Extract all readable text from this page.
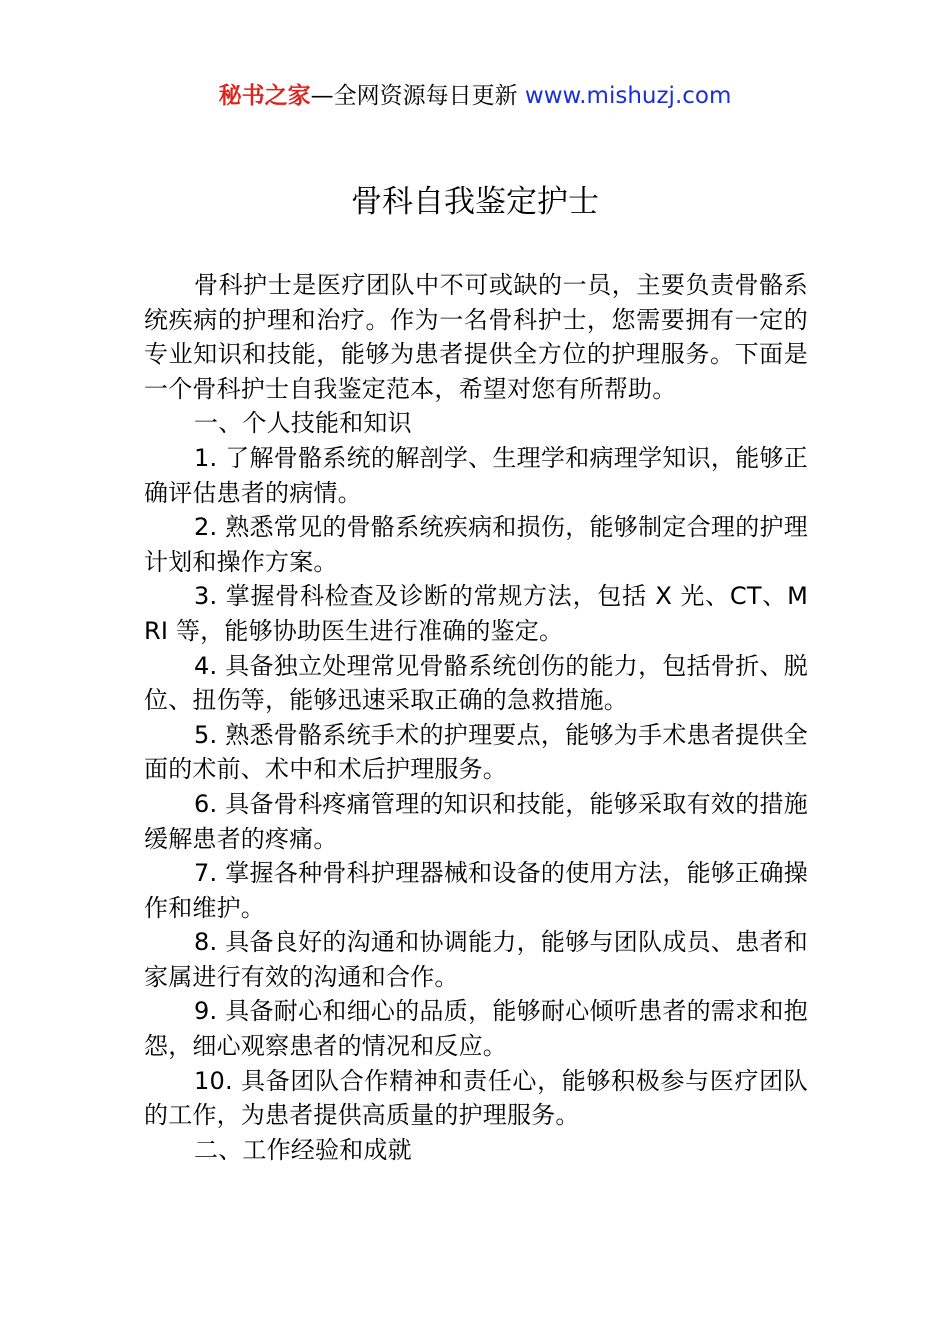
秘书之家—全网资源每日更新 www.mishuzj.com
骨科自我鉴定护士

骨科护士是医疗团队中不可或缺的一员，主要负责骨骼系统疾病的护理和治疗。作为一名骨科护士，您需要拥有一定的专业知识和技能，能够为患者提供全方位的护理服务。下面是一个骨科护士自我鉴定范本，希望对您有所帮助。

一、个人技能和知识

1. 了解骨骼系统的解剖学、生理学和病理学知识，能够正确评估患者的病情。

2. 熟悉常见的骨骼系统疾病和损伤，能够制定合理的护理计划和操作方案。

3. 掌握骨科检查及诊断的常规方法，包括 X 光、CT、MRI 等，能够协助医生进行准确的鉴定。

4. 具备独立处理常见骨骼系统创伤的能力，包括骨折、脱位、扭伤等，能够迅速采取正确的急救措施。

5. 熟悉骨骼系统手术的护理要点，能够为手术患者提供全面的术前、术中和术后护理服务。

6. 具备骨科疼痛管理的知识和技能，能够采取有效的措施缓解患者的疼痛。

7. 掌握各种骨科护理器械和设备的使用方法，能够正确操作和维护。

8. 具备良好的沟通和协调能力，能够与团队成员、患者和家属进行有效的沟通和合作。

9. 具备耐心和细心的品质，能够耐心倾听患者的需求和抱怨，细心观察患者的情况和反应。

10. 具备团队合作精神和责任心，能够积极参与医疗团队的工作，为患者提供高质量的护理服务。

二、工作经验和成就
